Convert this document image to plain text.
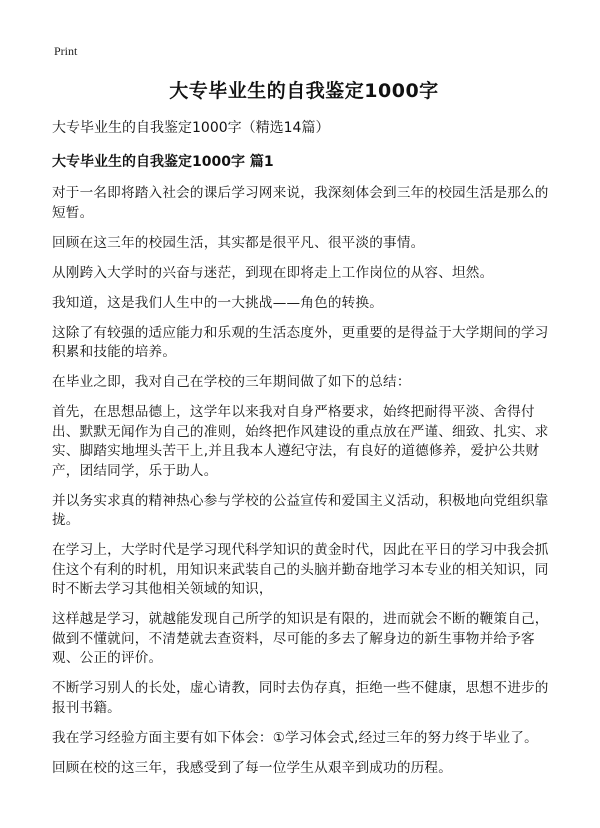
Print
大专毕业生的自我鉴定1000字
大专毕业生的自我鉴定1000字（精选14篇）
大专毕业生的自我鉴定1000字 篇1

对于一名即将踏入社会的课后学习网来说，我深刻体会到三年的校园生活是那么的短暂。

回顾在这三年的校园生活，其实都是很平凡、很平淡的事情。

从刚跨入大学时的兴奋与迷茫，到现在即将走上工作岗位的从容、坦然。

我知道，这是我们人生中的一大挑战——角色的转换。

这除了有较强的适应能力和乐观的生活态度外，更重要的是得益于大学期间的学习积累和技能的培养。

在毕业之即，我对自己在学校的三年期间做了如下的总结：

首先，在思想品德上，这学年以来我对自身严格要求，始终把耐得平淡、舍得付出、默默无闻作为自己的准则，始终把作风建设的重点放在严谨、细致、扎实、求实、脚踏实地埋头苦干上,并且我本人遵纪守法，有良好的道德修养，爱护公共财产，团结同学，乐于助人。

并以务实求真的精神热心参与学校的公益宣传和爱国主义活动，积极地向党组织靠拢。

在学习上，大学时代是学习现代科学知识的黄金时代，因此在平日的学习中我会抓住这个有利的时机，用知识来武装自己的头脑并勤奋地学习本专业的相关知识，同时不断去学习其他相关领域的知识，

这样越是学习，就越能发现自己所学的知识是有限的，进而就会不断的鞭策自己，做到不懂就问，不清楚就去查资料，尽可能的多去了解身边的新生事物并给予客观、公正的评价。

不断学习别人的长处，虚心请教，同时去伪存真，拒绝一些不健康，思想不进步的报刊书籍。

我在学习经验方面主要有如下体会：①学习体会式,经过三年的努力终于毕业了。

回顾在校的这三年，我感受到了每一位学生从艰辛到成功的历程。
